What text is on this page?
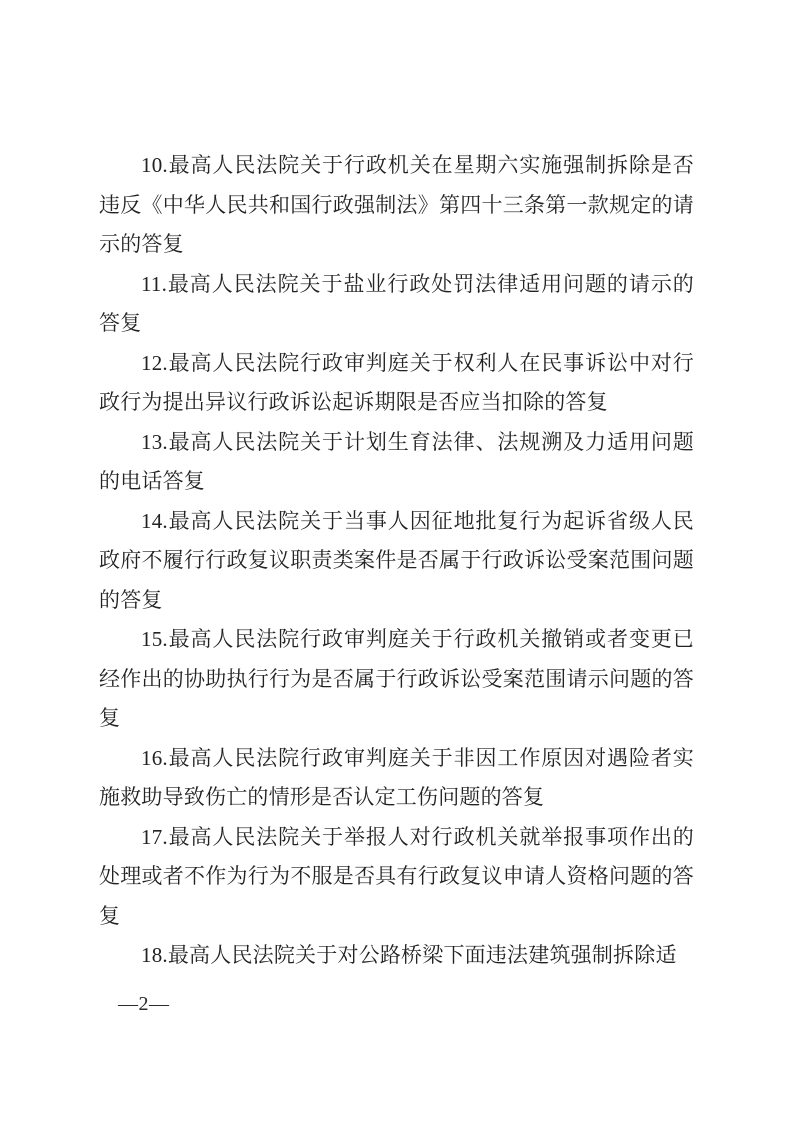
10.最高人民法院关于行政机关在星期六实施强制拆除是否违反《中华人民共和国行政强制法》第四十三条第一款规定的请示的答复

11.最高人民法院关于盐业行政处罚法律适用问题的请示的答复

12.最高人民法院行政审判庭关于权利人在民事诉讼中对行政行为提出异议行政诉讼起诉期限是否应当扣除的答复

13.最高人民法院关于计划生育法律、法规溯及力适用问题的电话答复

14.最高人民法院关于当事人因征地批复行为起诉省级人民政府不履行行政复议职责类案件是否属于行政诉讼受案范围问题的答复

15.最高人民法院行政审判庭关于行政机关撤销或者变更已经作出的协助执行行为是否属于行政诉讼受案范围请示问题的答复

16.最高人民法院行政审判庭关于非因工作原因对遇险者实施救助导致伤亡的情形是否认定工伤问题的答复

17.最高人民法院关于举报人对行政机关就举报事项作出的处理或者不作为行为不服是否具有行政复议申请人资格问题的答复

18.最高人民法院关于对公路桥梁下面违法建筑强制拆除适

—2—
